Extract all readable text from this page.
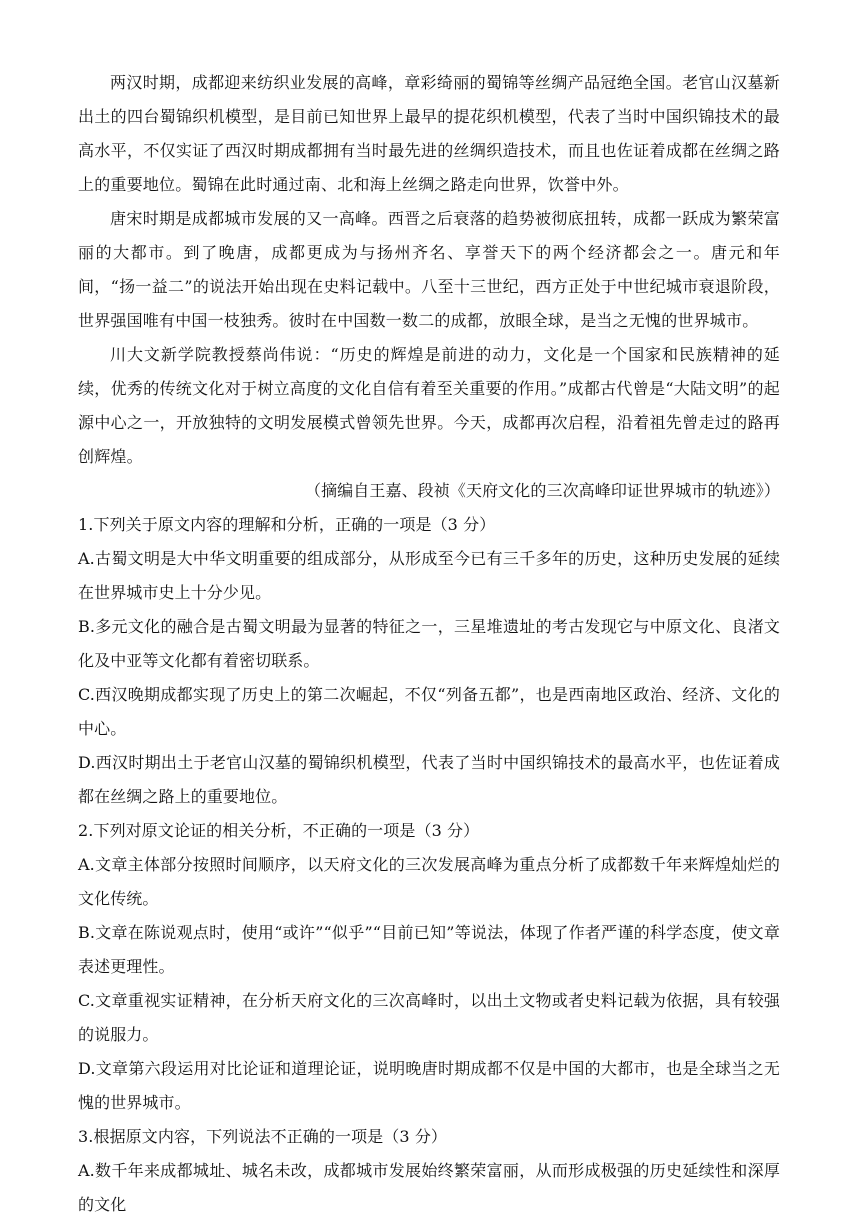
两汉时期，成都迎来纺织业发展的高峰，章彩绮丽的蜀锦等丝绸产品冠绝全国。老官山汉墓新出土的四台蜀锦织机模型，是目前已知世界上最早的提花织机模型，代表了当时中国织锦技术的最高水平，不仅实证了西汉时期成都拥有当时最先进的丝绸织造技术，而且也佐证着成都在丝绸之路上的重要地位。蜀锦在此时通过南、北和海上丝绸之路走向世界，饮誉中外。

唐宋时期是成都城市发展的又一高峰。西晋之后衰落的趋势被彻底扭转，成都一跃成为繁荣富丽的大都市。到了晚唐，成都更成为与扬州齐名、享誉天下的两个经济都会之一。唐元和年间，“扬一益二”的说法开始出现在史料记载中。八至十三世纪，西方正处于中世纪城市衰退阶段，世界强国唯有中国一枝独秀。彼时在中国数一数二的成都，放眼全球，是当之无愧的世界城市。

川大文新学院教授蔡尚伟说：“历史的辉煌是前进的动力，文化是一个国家和民族精神的延续，优秀的传统文化对于树立高度的文化自信有着至关重要的作用。”成都古代曾是“大陆文明”的起源中心之一，开放独特的文明发展模式曾领先世界。今天，成都再次启程，沿着祖先曾走过的路再创辉煌。

（摘编自王嘉、段祯《天府文化的三次高峰印证世界城市的轨迹》）

1.下列关于原文内容的理解和分析，正确的一项是（3 分）

A.古蜀文明是大中华文明重要的组成部分，从形成至今已有三千多年的历史，这种历史发展的延续在世界城市史上十分少见。

B.多元文化的融合是古蜀文明最为显著的特征之一，三星堆遗址的考古发现它与中原文化、良渚文化及中亚等文化都有着密切联系。

C.西汉晚期成都实现了历史上的第二次崛起，不仅“列备五都”，也是西南地区政治、经济、文化的中心。

D.西汉时期出土于老官山汉墓的蜀锦织机模型，代表了当时中国织锦技术的最高水平，也佐证着成都在丝绸之路上的重要地位。

2.下列对原文论证的相关分析，不正确的一项是（3 分）

A.文章主体部分按照时间顺序，以天府文化的三次发展高峰为重点分析了成都数千年来辉煌灿烂的文化传统。

B.文章在陈说观点时，使用“或许”“似乎”“目前已知”等说法，体现了作者严谨的科学态度，使文章表述更理性。

C.文章重视实证精神，在分析天府文化的三次高峰时，以出土文物或者史料记载为依据，具有较强的说服力。

D.文章第六段运用对比论证和道理论证，说明晚唐时期成都不仅是中国的大都市，也是全球当之无愧的世界城市。

3.根据原文内容，下列说法不正确的一项是（3 分）

A.数千年来成都城址、城名未改，成都城市发展始终繁荣富丽，从而形成极强的历史延续性和深厚的文化
